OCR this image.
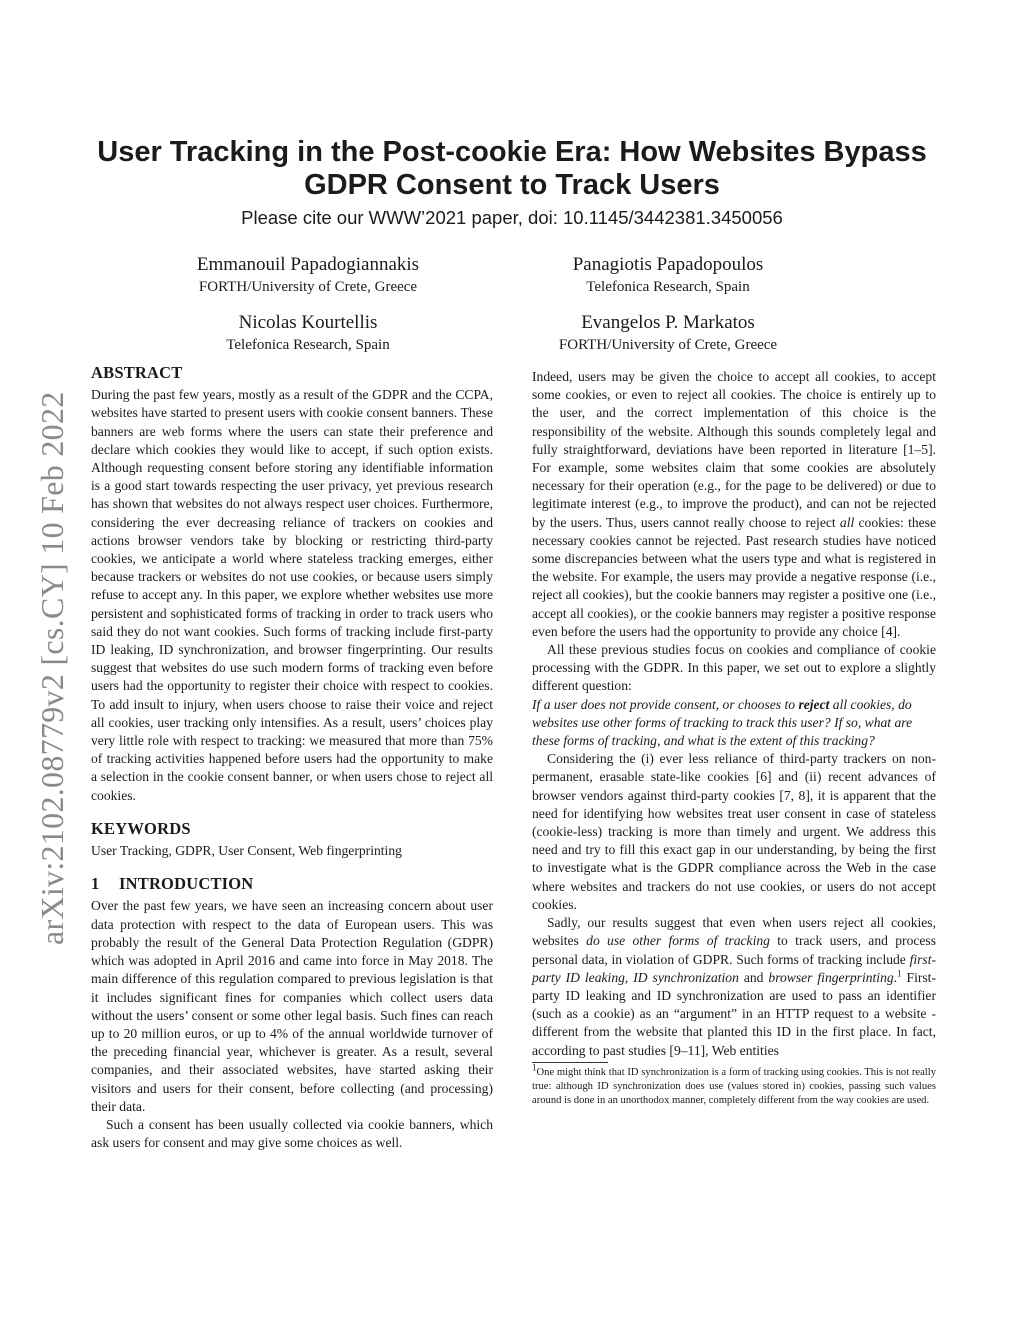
arXiv:2102.08779v2 [cs.CY] 10 Feb 2022
User Tracking in the Post-cookie Era: How Websites Bypass GDPR Consent to Track Users
Please cite our WWW’2021 paper, doi: 10.1145/3442381.3450056
Emmanouil Papadogiannakis
FORTH/University of Crete, Greece
Panagiotis Papadopoulos
Telefonica Research, Spain
Nicolas Kourtellis
Telefonica Research, Spain
Evangelos P. Markatos
FORTH/University of Crete, Greece
ABSTRACT

During the past few years, mostly as a result of the GDPR and the CCPA, websites have started to present users with cookie consent banners. These banners are web forms where the users can state their preference and declare which cookies they would like to accept, if such option exists. Although requesting consent before storing any identifiable information is a good start towards respecting the user privacy, yet previous research has shown that websites do not always respect user choices. Furthermore, considering the ever decreasing reliance of trackers on cookies and actions browser vendors take by blocking or restricting third-party cookies, we anticipate a world where stateless tracking emerges, either because trackers or websites do not use cookies, or because users simply refuse to accept any. In this paper, we explore whether websites use more persistent and sophisticated forms of tracking in order to track users who said they do not want cookies. Such forms of tracking include first-party ID leaking, ID synchronization, and browser fingerprinting. Our results suggest that websites do use such modern forms of tracking even before users had the opportunity to register their choice with respect to cookies. To add insult to injury, when users choose to raise their voice and reject all cookies, user tracking only intensifies. As a result, users’ choices play very little role with respect to tracking: we measured that more than 75% of tracking activities happened before users had the opportunity to make a selection in the cookie consent banner, or when users chose to reject all cookies.

KEYWORDS

User Tracking, GDPR, User Consent, Web fingerprinting

1 INTRODUCTION

Over the past few years, we have seen an increasing concern about user data protection with respect to the data of European users. This was probably the result of the General Data Protection Regulation (GDPR) which was adopted in April 2016 and came into force in May 2018. The main difference of this regulation compared to previous legislation is that it includes significant fines for companies which collect users data without the users’ consent or some other legal basis. Such fines can reach up to 20 million euros, or up to 4% of the annual worldwide turnover of the preceding financial year, whichever is greater. As a result, several companies, and their associated websites, have started asking their visitors and users for their consent, before collecting (and processing) their data.

Such a consent has been usually collected via cookie banners, which ask users for consent and may give some choices as well.

Indeed, users may be given the choice to accept all cookies, to accept some cookies, or even to reject all cookies. The choice is entirely up to the user, and the correct implementation of this choice is the responsibility of the website. Although this sounds completely legal and fully straightforward, deviations have been reported in literature [1–5]. For example, some websites claim that some cookies are absolutely necessary for their operation (e.g., for the page to be delivered) or due to legitimate interest (e.g., to improve the product), and can not be rejected by the users. Thus, users cannot really choose to reject all cookies: these necessary cookies cannot be rejected. Past research studies have noticed some discrepancies between what the users type and what is registered in the website. For example, the users may provide a negative response (i.e., reject all cookies), but the cookie banners may register a positive one (i.e., accept all cookies), or the cookie banners may register a positive response even before the users had the opportunity to provide any choice [4].

All these previous studies focus on cookies and compliance of cookie processing with the GDPR. In this paper, we set out to explore a slightly different question:

If a user does not provide consent, or chooses to reject all cookies, do websites use other forms of tracking to track this user? If so, what are these forms of tracking, and what is the extent of this tracking?

Considering the (i) ever less reliance of third-party trackers on non-permanent, erasable state-like cookies [6] and (ii) recent advances of browser vendors against third-party cookies [7, 8], it is apparent that the need for identifying how websites treat user consent in case of stateless (cookie-less) tracking is more than timely and urgent. We address this need and try to fill this exact gap in our understanding, by being the first to investigate what is the GDPR compliance across the Web in the case where websites and trackers do not use cookies, or users do not accept cookies.

Sadly, our results suggest that even when users reject all cookies, websites do use other forms of tracking to track users, and process personal data, in violation of GDPR. Such forms of tracking include first-party ID leaking, ID synchronization and browser fingerprinting.$^1$ First-party ID leaking and ID synchronization are used to pass an identifier (such as a cookie) as an “argument” in an HTTP request to a website - different from the website that planted this ID in the first place. In fact, according to past studies [9–11], Web entities

$^1$One might think that ID synchronization is a form of tracking using cookies. This is not really true: although ID synchronization does use (values stored in) cookies, passing such values around is done in an unorthodox manner, completely different from the way cookies are used.
